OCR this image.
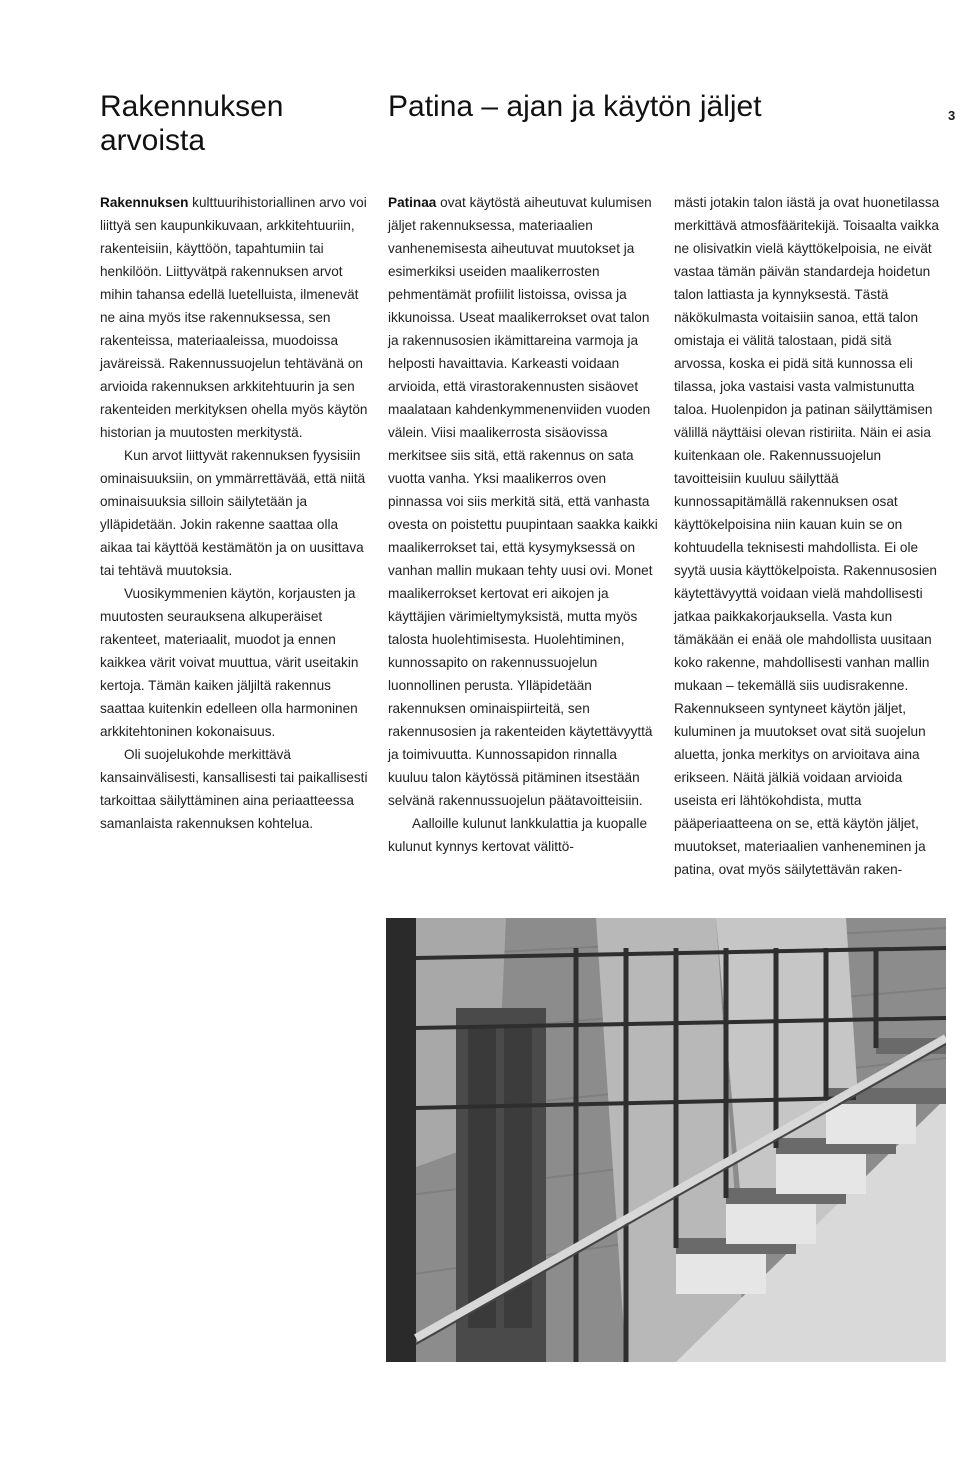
3
Rakennuksen
arvoista
Patina – ajan ja käytön jäljet

Rakennuksen kulttuurihistoriallinen arvo voi liittyä sen kaupunkikuvaan, arkkitehtuuriin, rakenteisiin, käyttöön, tapahtumiin tai henkilöön. Liittyvätpä rakennuksen arvot mihin tahansa edellä luetelluista, ilmenevät ne aina myös itse rakennuksessa, sen rakenteissa, materiaaleissa, muodoissa javäreissä. Rakennussuojelun tehtävänä on arvioida rakennuksen arkkitehtuurin ja sen rakenteiden merkityksen ohella myös käytön historian ja muutosten merkitystä.

Kun arvot liittyvät rakennuksen fyysisiin ominaisuuksiin, on ymmärrettävää, että niitä ominaisuuksia silloin säilytetään ja ylläpidetään. Jokin rakenne saattaa olla aikaa tai käyttöä kestämätön ja on uusittava tai tehtävä muutoksia.

Vuosikymmenien käytön, korjausten ja muutosten seurauksena alkuperäiset rakenteet, materiaalit, muodot ja ennen kaikkea värit voivat muuttua, värit useitakin kertoja. Tämän kaiken jäljiltä rakennus saattaa kuitenkin edelleen olla harmoninen arkkitehtoninen kokonaisuus.

Oli suojelukohde merkittävä kansainvälisesti, kansallisesti tai paikallisesti tarkoittaa säilyttäminen aina periaatteessa samanlaista rakennuksen kohtelua.

Patinaa ovat käytöstä aiheutuvat kulumisen jäljet rakennuksessa, materiaalien vanhenemisesta aiheutuvat muutokset ja esimerkiksi useiden maalikerrosten pehmentämät profiilit listoissa, ovissa ja ikkunoissa. Useat maalikerrokset ovat talon ja rakennusosien ikämittareina varmoja ja helposti havaittavia. Karkeasti voidaan arvioida, että virastorakennusten sisäovet maalataan kahdenkymmenenviiden vuoden välein. Viisi maalikerrosta sisäovissa merkitsee siis sitä, että rakennus on sata vuotta vanha. Yksi maalikerros oven pinnassa voi siis merkitä sitä, että vanhasta ovesta on poistettu puupintaan saakka kaikki maalikerrokset tai, että kysymyksessä on vanhan mallin mukaan tehty uusi ovi. Monet maalikerrokset kertovat eri aikojen ja käyttäjien värimieltymyksistä, mutta myös talosta huolehtimisesta. Huolehtiminen, kunnossapito on rakennussuojelun luonnollinen perusta. Ylläpidetään rakennuksen ominaispiirteitä, sen rakennusosien ja rakenteiden käytettävyyttä ja toimivuutta. Kunnossapidon rinnalla kuuluu talon käytössä pitäminen itsestään selvänä rakennussuojelun päätavoitteisiin.

Aalloille kulunut lankkulattia ja kuopalle kulunut kynnys kertovat välittö-

mästi jotakin talon iästä ja ovat huonetilassa merkittävä atmosfääritekijä. Toisaalta vaikka ne olisivatkin vielä käyttökelpoisia, ne eivät vastaa tämän päivän standardeja hoidetun talon lattiasta ja kynnyksestä. Tästä näkökulmasta voitaisiin sanoa, että talon omistaja ei välitä talostaan, pidä sitä arvossa, koska ei pidä sitä kunnossa eli tilassa, joka vastaisi vasta valmistunutta taloa. Huolenpidon ja patinan säilyttämisen välillä näyttäisi olevan ristiriita. Näin ei asia kuitenkaan ole. Rakennussuojelun tavoitteisiin kuuluu säilyttää kunnossapitämällä rakennuksen osat käyttökelpoisina niin kauan kuin se on kohtuudella teknisesti mahdollista. Ei ole syytä uusia käyttökelpoista. Rakennusosien käytettävyyttä voidaan vielä mahdollisesti jatkaa paikkakorjauksella. Vasta kun tämäkään ei enää ole mahdollista uusitaan koko rakenne, mahdollisesti vanhan mallin mukaan – tekemällä siis uudisrakenne. Rakennukseen syntyneet käytön jäljet, kuluminen ja muutokset ovat sitä suojelun aluetta, jonka merkitys on arvioitava aina erikseen. Näitä jälkiä voidaan arvioida useista eri lähtökohdista, mutta pääperiaatteena on se, että käytön jäljet, muutokset, materiaalien vanheneminen ja patina, ovat myös säilytettävän raken-
